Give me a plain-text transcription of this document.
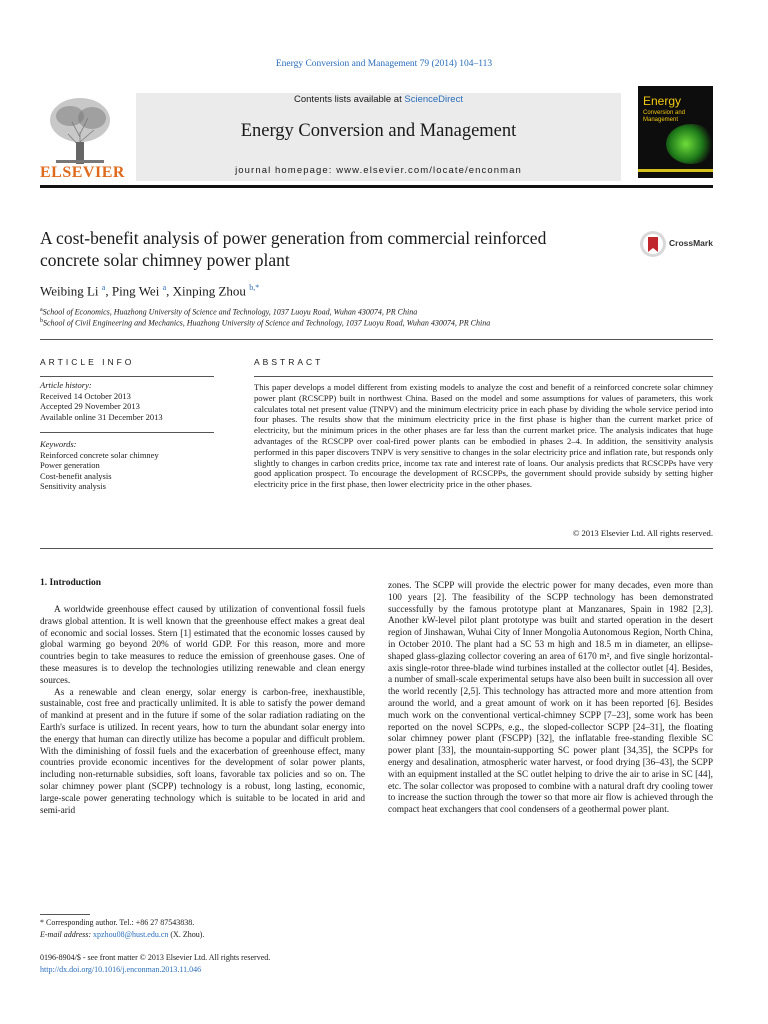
Energy Conversion and Management 79 (2014) 104–113
ELSEVIER
Contents lists available at ScienceDirect
Energy Conversion and Management
journal homepage: www.elsevier.com/locate/enconman
Energy
Conversion and Management
A cost-benefit analysis of power generation from commercial reinforced
concrete solar chimney power plant
CrossMark
Weibing Li $^a$, Ping Wei $^a$, Xinping Zhou $^{b,*}$
$^a$School of Economics, Huazhong University of Science and Technology, 1037 Luoyu Road, Wuhan 430074, PR China
$^b$School of Civil Engineering and Mechanics, Huazhong University of Science and Technology, 1037 Luoyu Road, Wuhan 430074, PR China
ARTICLE INFO
Article history:
Received 14 October 2013
Accepted 29 November 2013
Available online 31 December 2013
Keywords:
Reinforced concrete solar chimney
Power generation
Cost-benefit analysis
Sensitivity analysis
ABSTRACT
This paper develops a model different from existing models to analyze the cost and benefit of a reinforced concrete solar chimney power plant (RCSCPP) built in northwest China. Based on the model and some assumptions for values of parameters, this work calculates total net present value (TNPV) and the minimum electricity price in each phase by dividing the whole service period into four phases. The results show that the minimum electricity price in the first phase is higher than the current market price of electricity, but the minimum prices in the other phases are far less than the current market price. The analysis indicates that huge advantages of the RCSCPP over coal-fired power plants can be embodied in phases 2–4. In addition, the sensitivity analysis performed in this paper discovers TNPV is very sensitive to changes in the solar electricity price and inflation rate, but responds only slightly to changes in carbon credits price, income tax rate and interest rate of loans. Our analysis predicts that RCSCPPs have very good application prospect. To encourage the development of RCSCPPs, the government should provide subsidy by setting higher electricity price in the first phase, then lower electricity price in the other phases.
© 2013 Elsevier Ltd. All rights reserved.
1. Introduction

A worldwide greenhouse effect caused by utilization of conventional fossil fuels draws global attention. It is well known that the greenhouse effect makes a great deal of economic and social losses. Stern [1] estimated that the economic losses caused by global warming go beyond 20% of world GDP. For this reason, more and more countries begin to take measures to reduce the emission of greenhouse gases. One of these measures is to develop the technologies utilizing renewable and clean energy sources.

As a renewable and clean energy, solar energy is carbon-free, inexhaustible, sustainable, cost free and practically unlimited. It is able to satisfy the power demand of mankind at present and in the future if some of the solar radiation radiating on the Earth's surface is utilized. In recent years, how to turn the abundant solar energy into the energy that human can directly utilize has become a popular and difficult problem. With the diminishing of fossil fuels and the exacerbation of greenhouse effect, many countries provide economic incentives for the development of solar power plants, including non-returnable subsidies, soft loans, favorable tax policies and so on. The solar chimney power plant (SCPP) technology is a robust, long lasting, economic, large-scale power generating technology which is suitable to be located in arid and semi-arid

zones. The SCPP will provide the electric power for many decades, even more than 100 years [2]. The feasibility of the SCPP technology has been demonstrated successfully by the famous prototype plant at Manzanares, Spain in 1982 [2,3]. Another kW-level pilot plant prototype was built and started operation in the desert region of Jinshawan, Wuhai City of Inner Mongolia Autonomous Region, North China, in October 2010. The plant had a SC 53 m high and 18.5 m in diameter, an ellipse-shaped glass-glazing collector covering an area of 6170 m², and five single horizontal-axis single-rotor three-blade wind turbines installed at the collector outlet [4]. Besides, a number of small-scale experimental setups have also been built in succession all over the world recently [2,5]. This technology has attracted more and more attention from around the world, and a great amount of work on it has been reported [6]. Besides much work on the conventional vertical-chimney SCPP [7–23], some work has been reported on the novel SCPPs, e.g., the sloped-collector SCPP [24–31], the floating solar chimney power plant (FSCPP) [32], the inflatable free-standing flexible SC power plant [33], the mountain-supporting SC power plant [34,35], the SCPPs for energy and desalination, atmospheric water harvest, or food drying [36–43], the SCPP with an equipment installed at the SC outlet helping to drive the air to arise in SC [44], etc. The solar collector was proposed to combine with a natural draft dry cooling tower to increase the suction through the tower so that more air flow is achieved through the compact heat exchangers that cool condensers of a geothermal power plant.

* Corresponding author. Tel.: +86 27 87543838.
E-mail address: xpzhou08@hust.edu.cn (X. Zhou).
0196-8904/$ - see front matter © 2013 Elsevier Ltd. All rights reserved.
http://dx.doi.org/10.1016/j.enconman.2013.11.046
